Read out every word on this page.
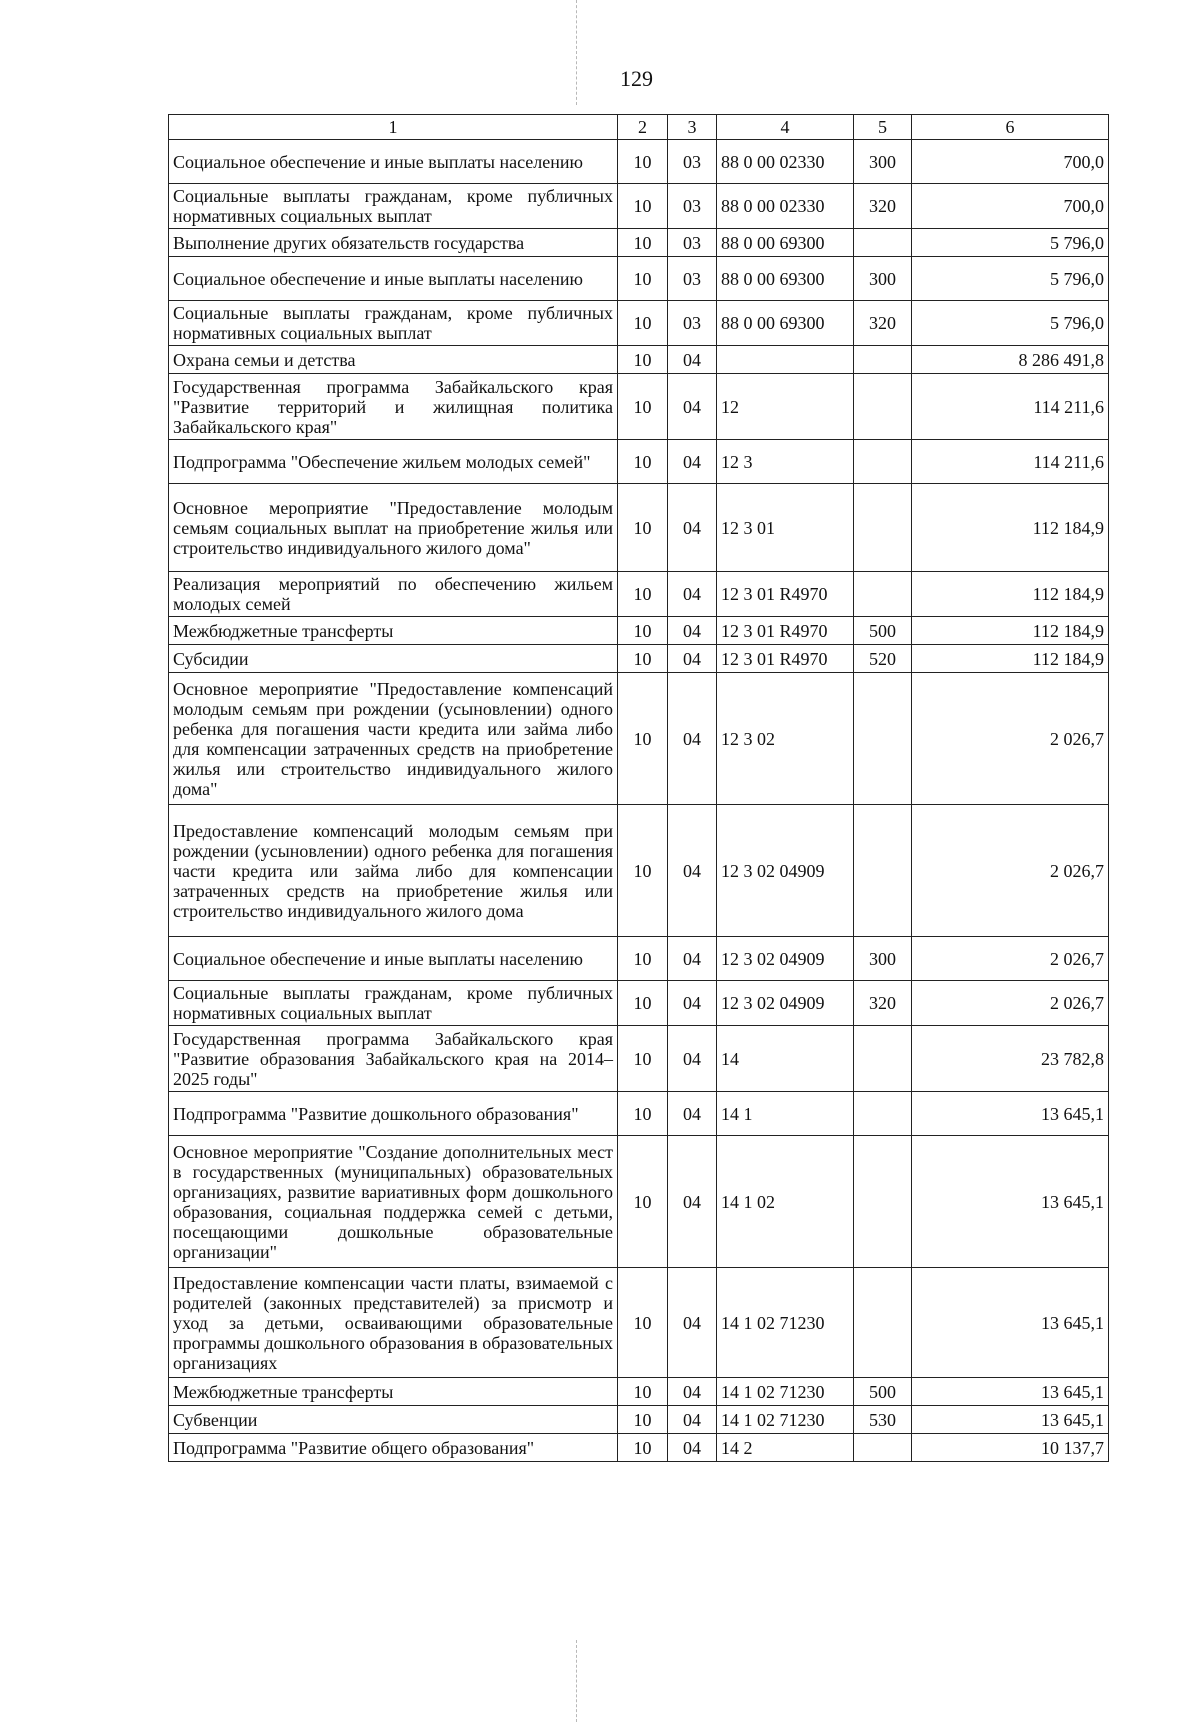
129
1	2	3	4	5	6
Социальное обеспечение и иные выплаты населению	10	03	88 0 00 02330	300	700,0
Социальные выплаты гражданам, кроме публичных нормативных социальных выплат	10	03	88 0 00 02330	320	700,0
Выполнение других обязательств государства	10	03	88 0 00 69300		5 796,0
Социальное обеспечение и иные выплаты населению	10	03	88 0 00 69300	300	5 796,0
Социальные выплаты гражданам, кроме публичных нормативных социальных выплат	10	03	88 0 00 69300	320	5 796,0
Охрана семьи и детства	10	04			8 286 491,8
Государственная программа Забайкальского края "Развитие территорий и жилищная политика Забайкальского края"	10	04	12		114 211,6
Подпрограмма "Обеспечение жильем молодых семей"	10	04	12 3		114 211,6
Основное мероприятие "Предоставление молодым семьям социальных выплат на приобретение жилья или строительство индивидуального жилого дома"	10	04	12 3 01		112 184,9
Реализация мероприятий по обеспечению жильем молодых семей	10	04	12 3 01 R4970		112 184,9
Межбюджетные трансферты	10	04	12 3 01 R4970	500	112 184,9
Субсидии	10	04	12 3 01 R4970	520	112 184,9
Основное мероприятие "Предоставление компенсаций молодым семьям при рождении (усыновлении) одного ребенка для погашения части кредита или займа либо для компенсации затраченных средств на приобретение жилья или строительство индивидуального жилого дома"	10	04	12 3 02		2 026,7
Предоставление компенсаций молодым семьям при рождении (усыновлении) одного ребенка для погашения части кредита или займа либо для компенсации затраченных средств на приобретение жилья или строительство индивидуального жилого дома	10	04	12 3 02 04909		2 026,7
Социальное обеспечение и иные выплаты населению	10	04	12 3 02 04909	300	2 026,7
Социальные выплаты гражданам, кроме публичных нормативных социальных выплат	10	04	12 3 02 04909	320	2 026,7
Государственная программа Забайкальского края "Развитие образования Забайкальского края на 2014–2025 годы"	10	04	14		23 782,8
Подпрограмма "Развитие дошкольного образования"	10	04	14 1		13 645,1
Основное мероприятие "Создание дополнительных мест в государственных (муниципальных) образовательных организациях, развитие вариативных форм дошкольного образования, социальная поддержка семей с детьми, посещающими дошкольные образовательные организации"	10	04	14 1 02		13 645,1
Предоставление компенсации части платы, взимаемой с родителей (законных представителей) за присмотр и уход за детьми, осваивающими образовательные программы дошкольного образования в образовательных организациях	10	04	14 1 02 71230		13 645,1
Межбюджетные трансферты	10	04	14 1 02 71230	500	13 645,1
Субвенции	10	04	14 1 02 71230	530	13 645,1
Подпрограмма "Развитие общего образования"	10	04	14 2		10 137,7
